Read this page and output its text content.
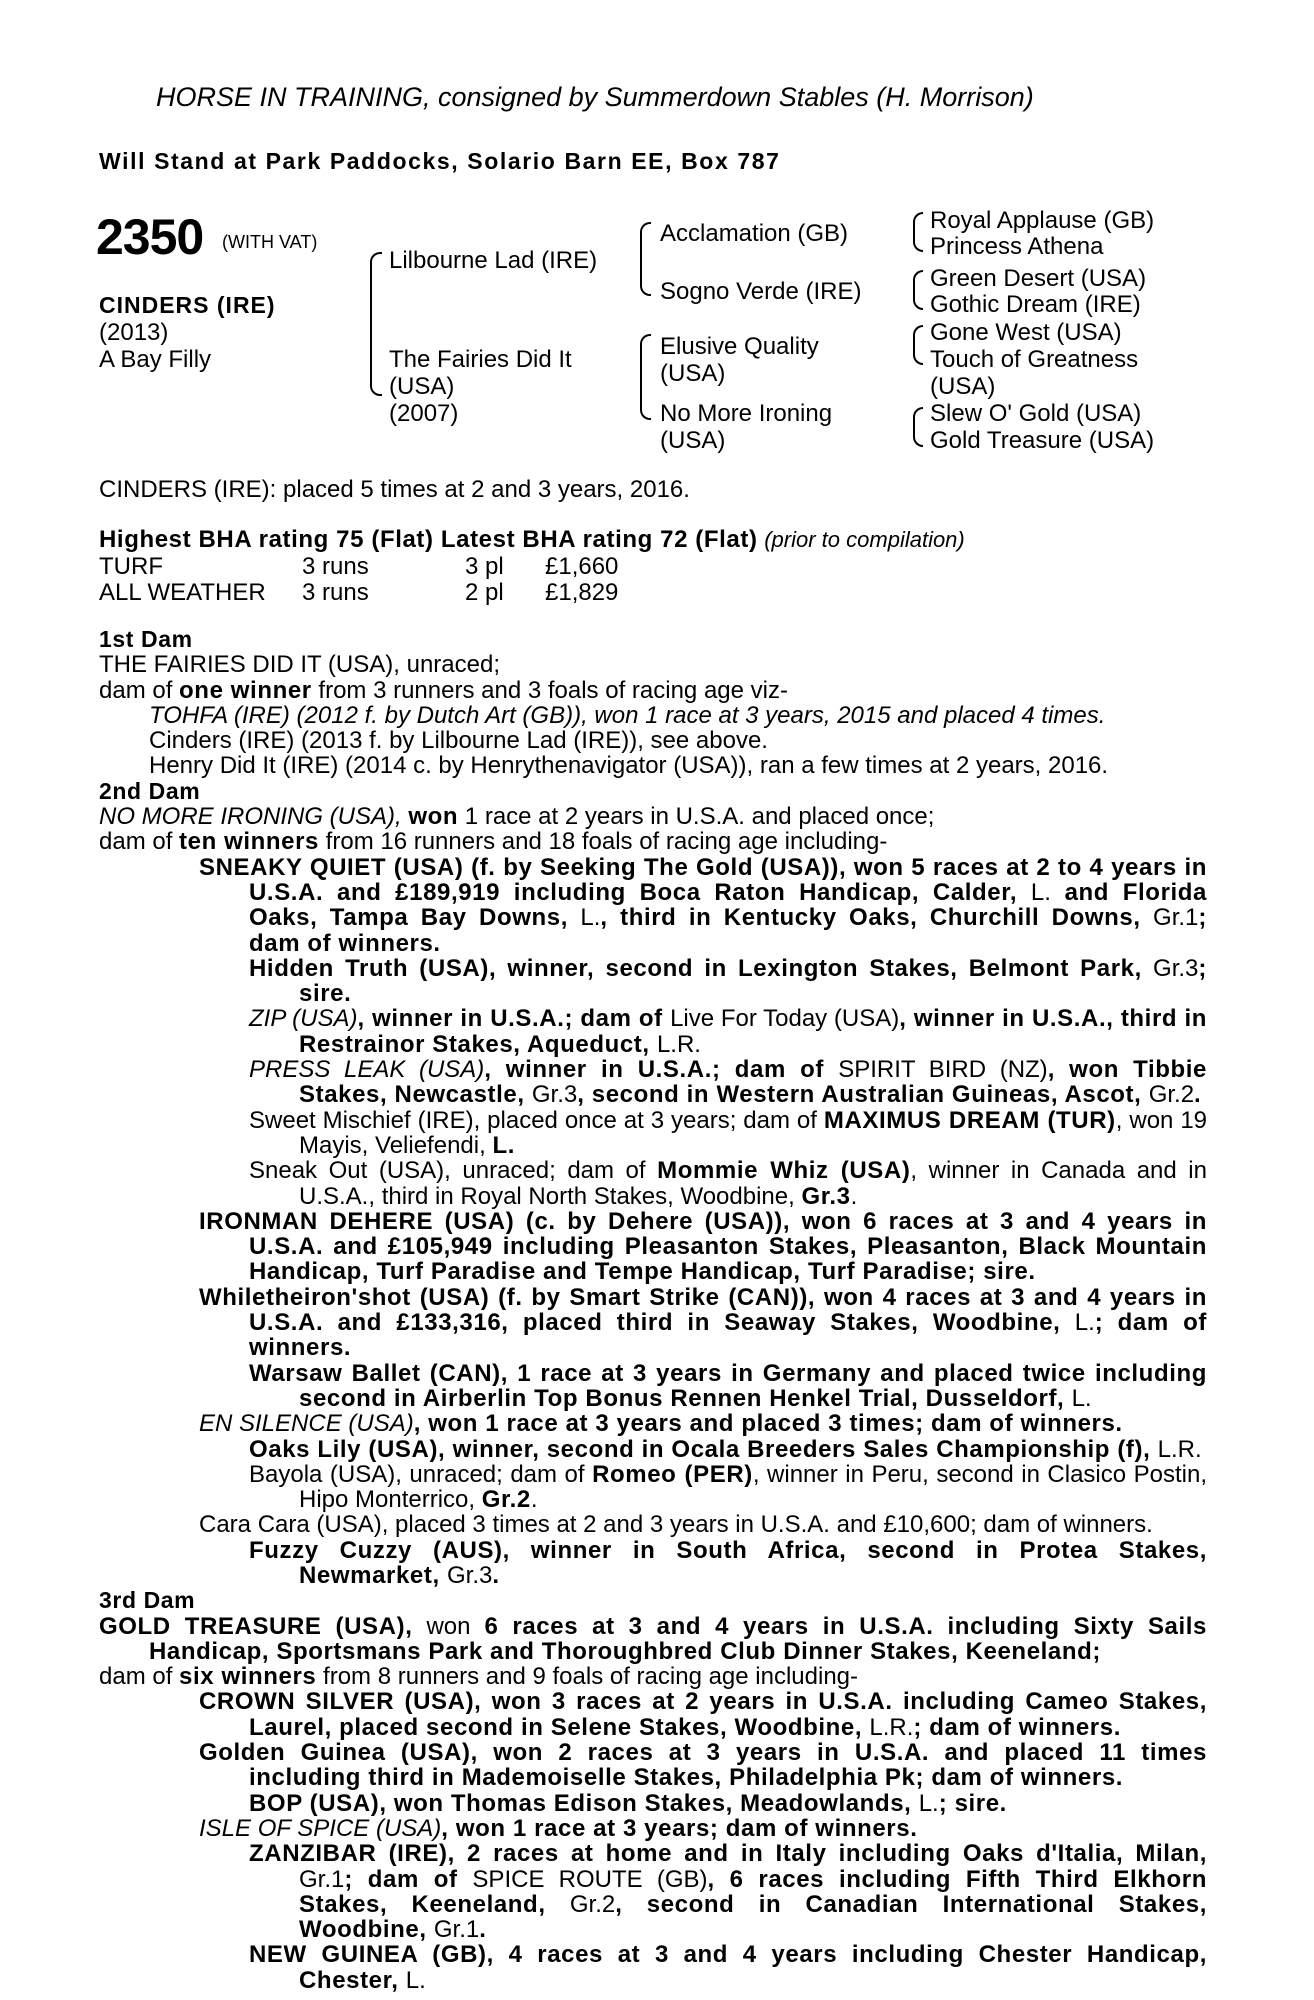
HORSE IN TRAINING, consigned by Summerdown Stables (H. Morrison)
Will Stand at Park Paddocks, Solario Barn EE, Box 787
2350 (WITH VAT)
CINDERS (IRE)
(2013)
A Bay Filly
Lilbourne Lad (IRE)
The Fairies Did It
(USA)
(2007)
Acclamation (GB)
Sogno Verde (IRE)
Elusive Quality
(USA)
No More Ironing
(USA)
Royal Applause (GB)
Princess Athena
Green Desert (USA)
Gothic Dream (IRE)
Gone West (USA)
Touch of Greatness
(USA)
Slew O' Gold (USA)
Gold Treasure (USA)
CINDERS (IRE): placed 5 times at 2 and 3 years, 2016.
Highest BHA rating 75 (Flat) Latest BHA rating 72 (Flat) (prior to compilation)
TURF	3 runs	3 pl £1,660
ALL WEATHER 3 runs	2 pl £1,829
1st Dam

THE FAIRIES DID IT (USA), unraced;

dam of one winner from 3 runners and 3 foals of racing age viz-

TOHFA (IRE) (2012 f. by Dutch Art (GB)), won 1 race at 3 years, 2015 and placed 4 times.

Cinders (IRE) (2013 f. by Lilbourne Lad (IRE)), see above.

Henry Did It (IRE) (2014 c. by Henrythenavigator (USA)), ran a few times at 2 years, 2016.

2nd Dam

NO MORE IRONING (USA), won 1 race at 2 years in U.S.A. and placed once;

dam of ten winners from 16 runners and 18 foals of racing age including-

SNEAKY QUIET (USA) (f. by Seeking The Gold (USA)), won 5 races at 2 to 4 years in U.S.A. and £189,919 including Boca Raton Handicap, Calder, L. and Florida Oaks, Tampa Bay Downs, L., third in Kentucky Oaks, Churchill Downs, Gr.1; dam of winners.

Hidden Truth (USA), winner, second in Lexington Stakes, Belmont Park, Gr.3; sire.

ZIP (USA), winner in U.S.A.; dam of Live For Today (USA), winner in U.S.A., third in Restrainor Stakes, Aqueduct, L.R.

PRESS LEAK (USA), winner in U.S.A.; dam of SPIRIT BIRD (NZ), won Tibbie Stakes, Newcastle, Gr.3, second in Western Australian Guineas, Ascot, Gr.2.

Sweet Mischief (IRE), placed once at 3 years; dam of MAXIMUS DREAM (TUR), won 19 Mayis, Veliefendi, L.

Sneak Out (USA), unraced; dam of Mommie Whiz (USA), winner in Canada and in U.S.A., third in Royal North Stakes, Woodbine, Gr.3.

IRONMAN DEHERE (USA) (c. by Dehere (USA)), won 6 races at 3 and 4 years in U.S.A. and £105,949 including Pleasanton Stakes, Pleasanton, Black Mountain Handicap, Turf Paradise and Tempe Handicap, Turf Paradise; sire.

Whiletheiron'shot (USA) (f. by Smart Strike (CAN)), won 4 races at 3 and 4 years in U.S.A. and £133,316, placed third in Seaway Stakes, Woodbine, L.; dam of winners.

Warsaw Ballet (CAN), 1 race at 3 years in Germany and placed twice including second in Airberlin Top Bonus Rennen Henkel Trial, Dusseldorf, L.

EN SILENCE (USA), won 1 race at 3 years and placed 3 times; dam of winners.

Oaks Lily (USA), winner, second in Ocala Breeders Sales Championship (f), L.R.

Bayola (USA), unraced; dam of Romeo (PER), winner in Peru, second in Clasico Postin, Hipo Monterrico, Gr.2.

Cara Cara (USA), placed 3 times at 2 and 3 years in U.S.A. and £10,600; dam of winners.

Fuzzy Cuzzy (AUS), winner in South Africa, second in Protea Stakes, Newmarket, Gr.3.

3rd Dam

GOLD TREASURE (USA), won 6 races at 3 and 4 years in U.S.A. including Sixty Sails Handicap, Sportsmans Park and Thoroughbred Club Dinner Stakes, Keeneland;

dam of six winners from 8 runners and 9 foals of racing age including-

CROWN SILVER (USA), won 3 races at 2 years in U.S.A. including Cameo Stakes, Laurel, placed second in Selene Stakes, Woodbine, L.R.; dam of winners.

Golden Guinea (USA), won 2 races at 3 years in U.S.A. and placed 11 times including third in Mademoiselle Stakes, Philadelphia Pk; dam of winners.

BOP (USA), won Thomas Edison Stakes, Meadowlands, L.; sire.

ISLE OF SPICE (USA), won 1 race at 3 years; dam of winners.

ZANZIBAR (IRE), 2 races at home and in Italy including Oaks d'Italia, Milan, Gr.1; dam of SPICE ROUTE (GB), 6 races including Fifth Third Elkhorn Stakes, Keeneland, Gr.2, second in Canadian International Stakes, Woodbine, Gr.1.

NEW GUINEA (GB), 4 races at 3 and 4 years including Chester Handicap, Chester, L.
